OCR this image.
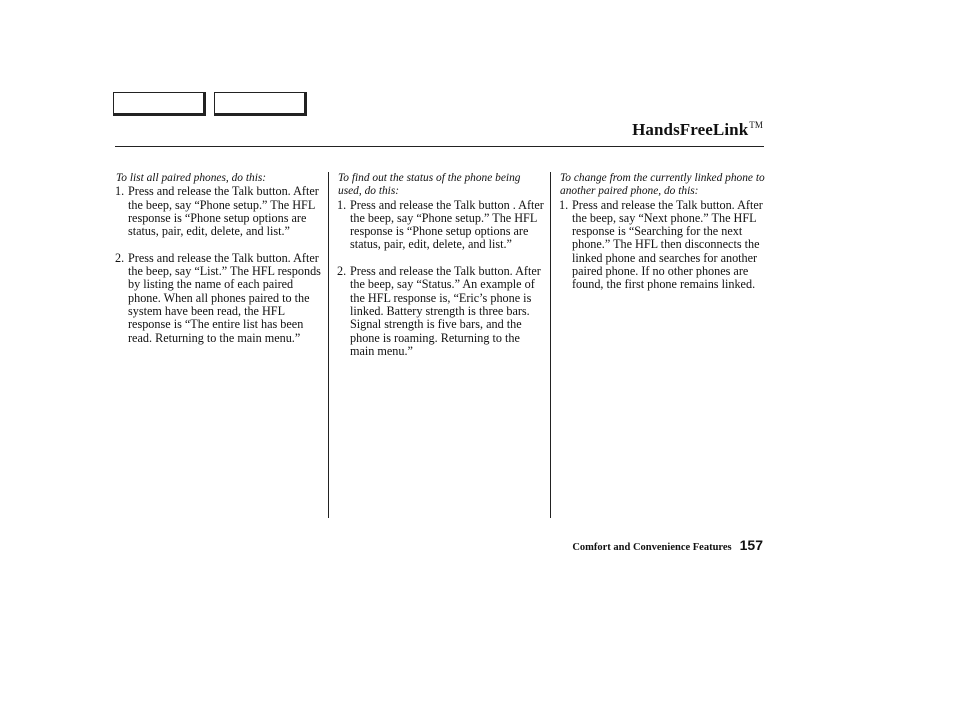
HandsFreeLink™

To list all paired phones, do this:

1. Press and release the Talk button. After the beep, say “Phone setup.” The HFL response is “Phone setup options are status, pair, edit, delete, and list.”
2. Press and release the Talk button. After the beep, say “List.” The HFL responds by listing the name of each paired phone. When all phones paired to the system have been read, the HFL response is “The entire list has been read. Returning to the main menu.”

To find out the status of the phone being used, do this:

1. Press and release the Talk button . After the beep, say “Phone setup.” The HFL response is “Phone setup options are status, pair, edit, delete, and list.”
2. Press and release the Talk button. After the beep, say “Status.” An example of the HFL response is, “Eric’s phone is linked. Battery strength is three bars. Signal strength is five bars, and the phone is roaming. Returning to the main menu.”

To change from the currently linked phone to another paired phone, do this:

1. Press and release the Talk button. After the beep, say “Next phone.” The HFL response is “Searching for the next phone.” The HFL then disconnects the linked phone and searches for another paired phone. If no other phones are found, the first phone remains linked.
Comfort and Convenience Features 157
